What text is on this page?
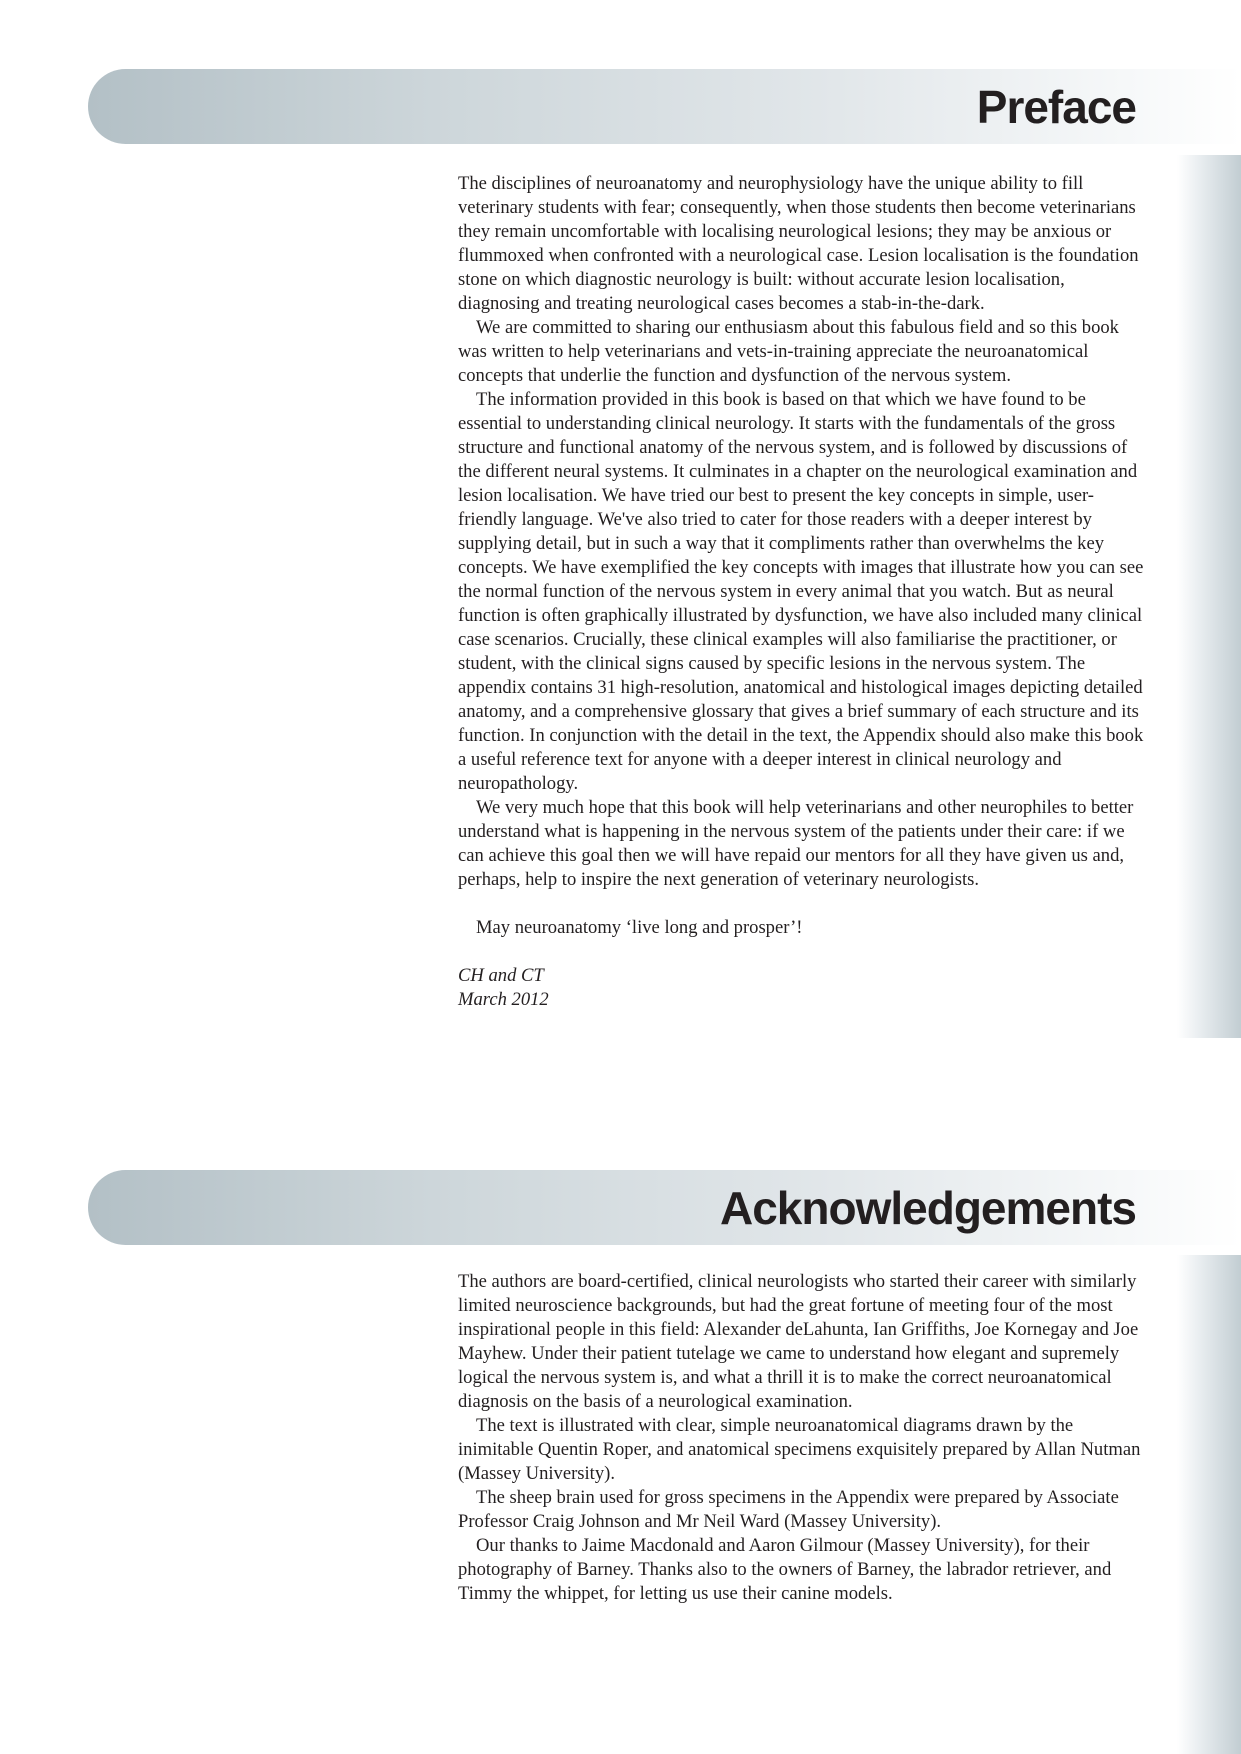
Preface

The disciplines of neuroanatomy and neurophysiology have the unique ability to fill veterinary students with fear; consequently, when those students then become veterinarians they remain uncomfortable with localising neurological lesions; they may be anxious or flummoxed when confronted with a neurological case. Lesion localisation is the foundation stone on which diagnostic neurology is built: without accurate lesion localisation, diagnosing and treating neurological cases becomes a stab-in-the-dark.

We are committed to sharing our enthusiasm about this fabulous field and so this book was written to help veterinarians and vets-in-training appreciate the neuroanatomical concepts that underlie the function and dysfunction of the nervous system.

The information provided in this book is based on that which we have found to be essential to understanding clinical neurology. It starts with the fundamentals of the gross structure and functional anatomy of the nervous system, and is followed by discussions of the different neural systems. It culminates in a chapter on the neurological examination and lesion localisation. We have tried our best to present the key concepts in simple, user-friendly language. We've also tried to cater for those readers with a deeper interest by supplying detail, but in such a way that it compliments rather than overwhelms the key concepts. We have exemplified the key concepts with images that illustrate how you can see the normal function of the nervous system in every animal that you watch. But as neural function is often graphically illustrated by dysfunction, we have also included many clinical case scenarios. Crucially, these clinical examples will also familiarise the practitioner, or student, with the clinical signs caused by specific lesions in the nervous system. The appendix contains 31 high-resolution, anatomical and histological images depicting detailed anatomy, and a comprehensive glossary that gives a brief summary of each structure and its function. In conjunction with the detail in the text, the Appendix should also make this book a useful reference text for anyone with a deeper interest in clinical neurology and neuropathology.

We very much hope that this book will help veterinarians and other neurophiles to better understand what is happening in the nervous system of the patients under their care: if we can achieve this goal then we will have repaid our mentors for all they have given us and, perhaps, help to inspire the next generation of veterinary neurologists.

May neuroanatomy ‘live long and prosper’!

CH and CT
March 2012
Acknowledgements

The authors are board-certified, clinical neurologists who started their career with similarly limited neuroscience backgrounds, but had the great fortune of meeting four of the most inspirational people in this field: Alexander deLahunta, Ian Griffiths, Joe Kornegay and Joe Mayhew. Under their patient tutelage we came to understand how elegant and supremely logical the nervous system is, and what a thrill it is to make the correct neuroanatomical diagnosis on the basis of a neurological examination.

The text is illustrated with clear, simple neuroanatomical diagrams drawn by the inimitable Quentin Roper, and anatomical specimens exquisitely prepared by Allan Nutman (Massey University).

The sheep brain used for gross specimens in the Appendix were prepared by Associate Professor Craig Johnson and Mr Neil Ward (Massey University).

Our thanks to Jaime Macdonald and Aaron Gilmour (Massey University), for their photography of Barney. Thanks also to the owners of Barney, the labrador retriever, and Timmy the whippet, for letting us use their canine models.
